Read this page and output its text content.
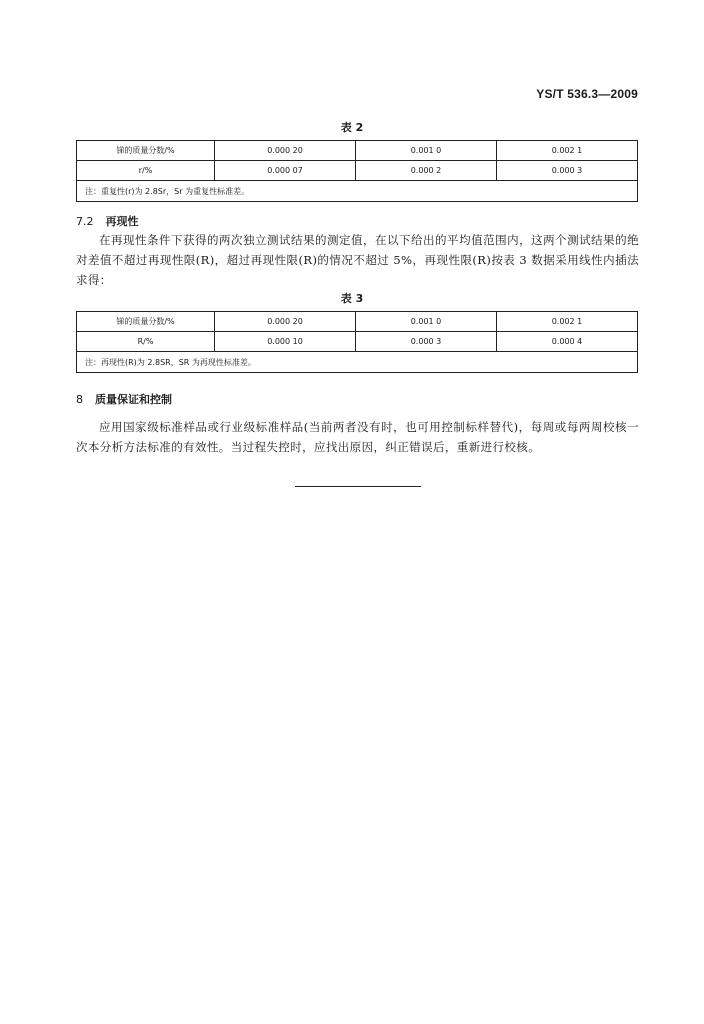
YS/T 536.3—2009
表 2
锑的质量分数/%	0.000 20	0.001 0	0.002 1
r/%	0.000 07	0.000 2	0.000 3
注：重复性(r)为 2.8Sr，Sr 为重复性标准差。			
7.2 再现性
在再现性条件下获得的两次独立测试结果的测定值，在以下给出的平均值范围内，这两个测试结果的绝对差值不超过再现性限(R)，超过再现性限(R)的情况不超过 5%，再现性限(R)按表 3 数据采用线性内插法求得：
表 3
锑的质量分数/%	0.000 20	0.001 0	0.002 1
R/%	0.000 10	0.000 3	0.000 4
注：再现性(R)为 2.8SR，SR 为再现性标准差。			
8 质量保证和控制
应用国家级标准样品或行业级标准样品(当前两者没有时，也可用控制标样替代)，每周或每两周校核一次本分析方法标准的有效性。当过程失控时，应找出原因，纠正错误后，重新进行校核。
